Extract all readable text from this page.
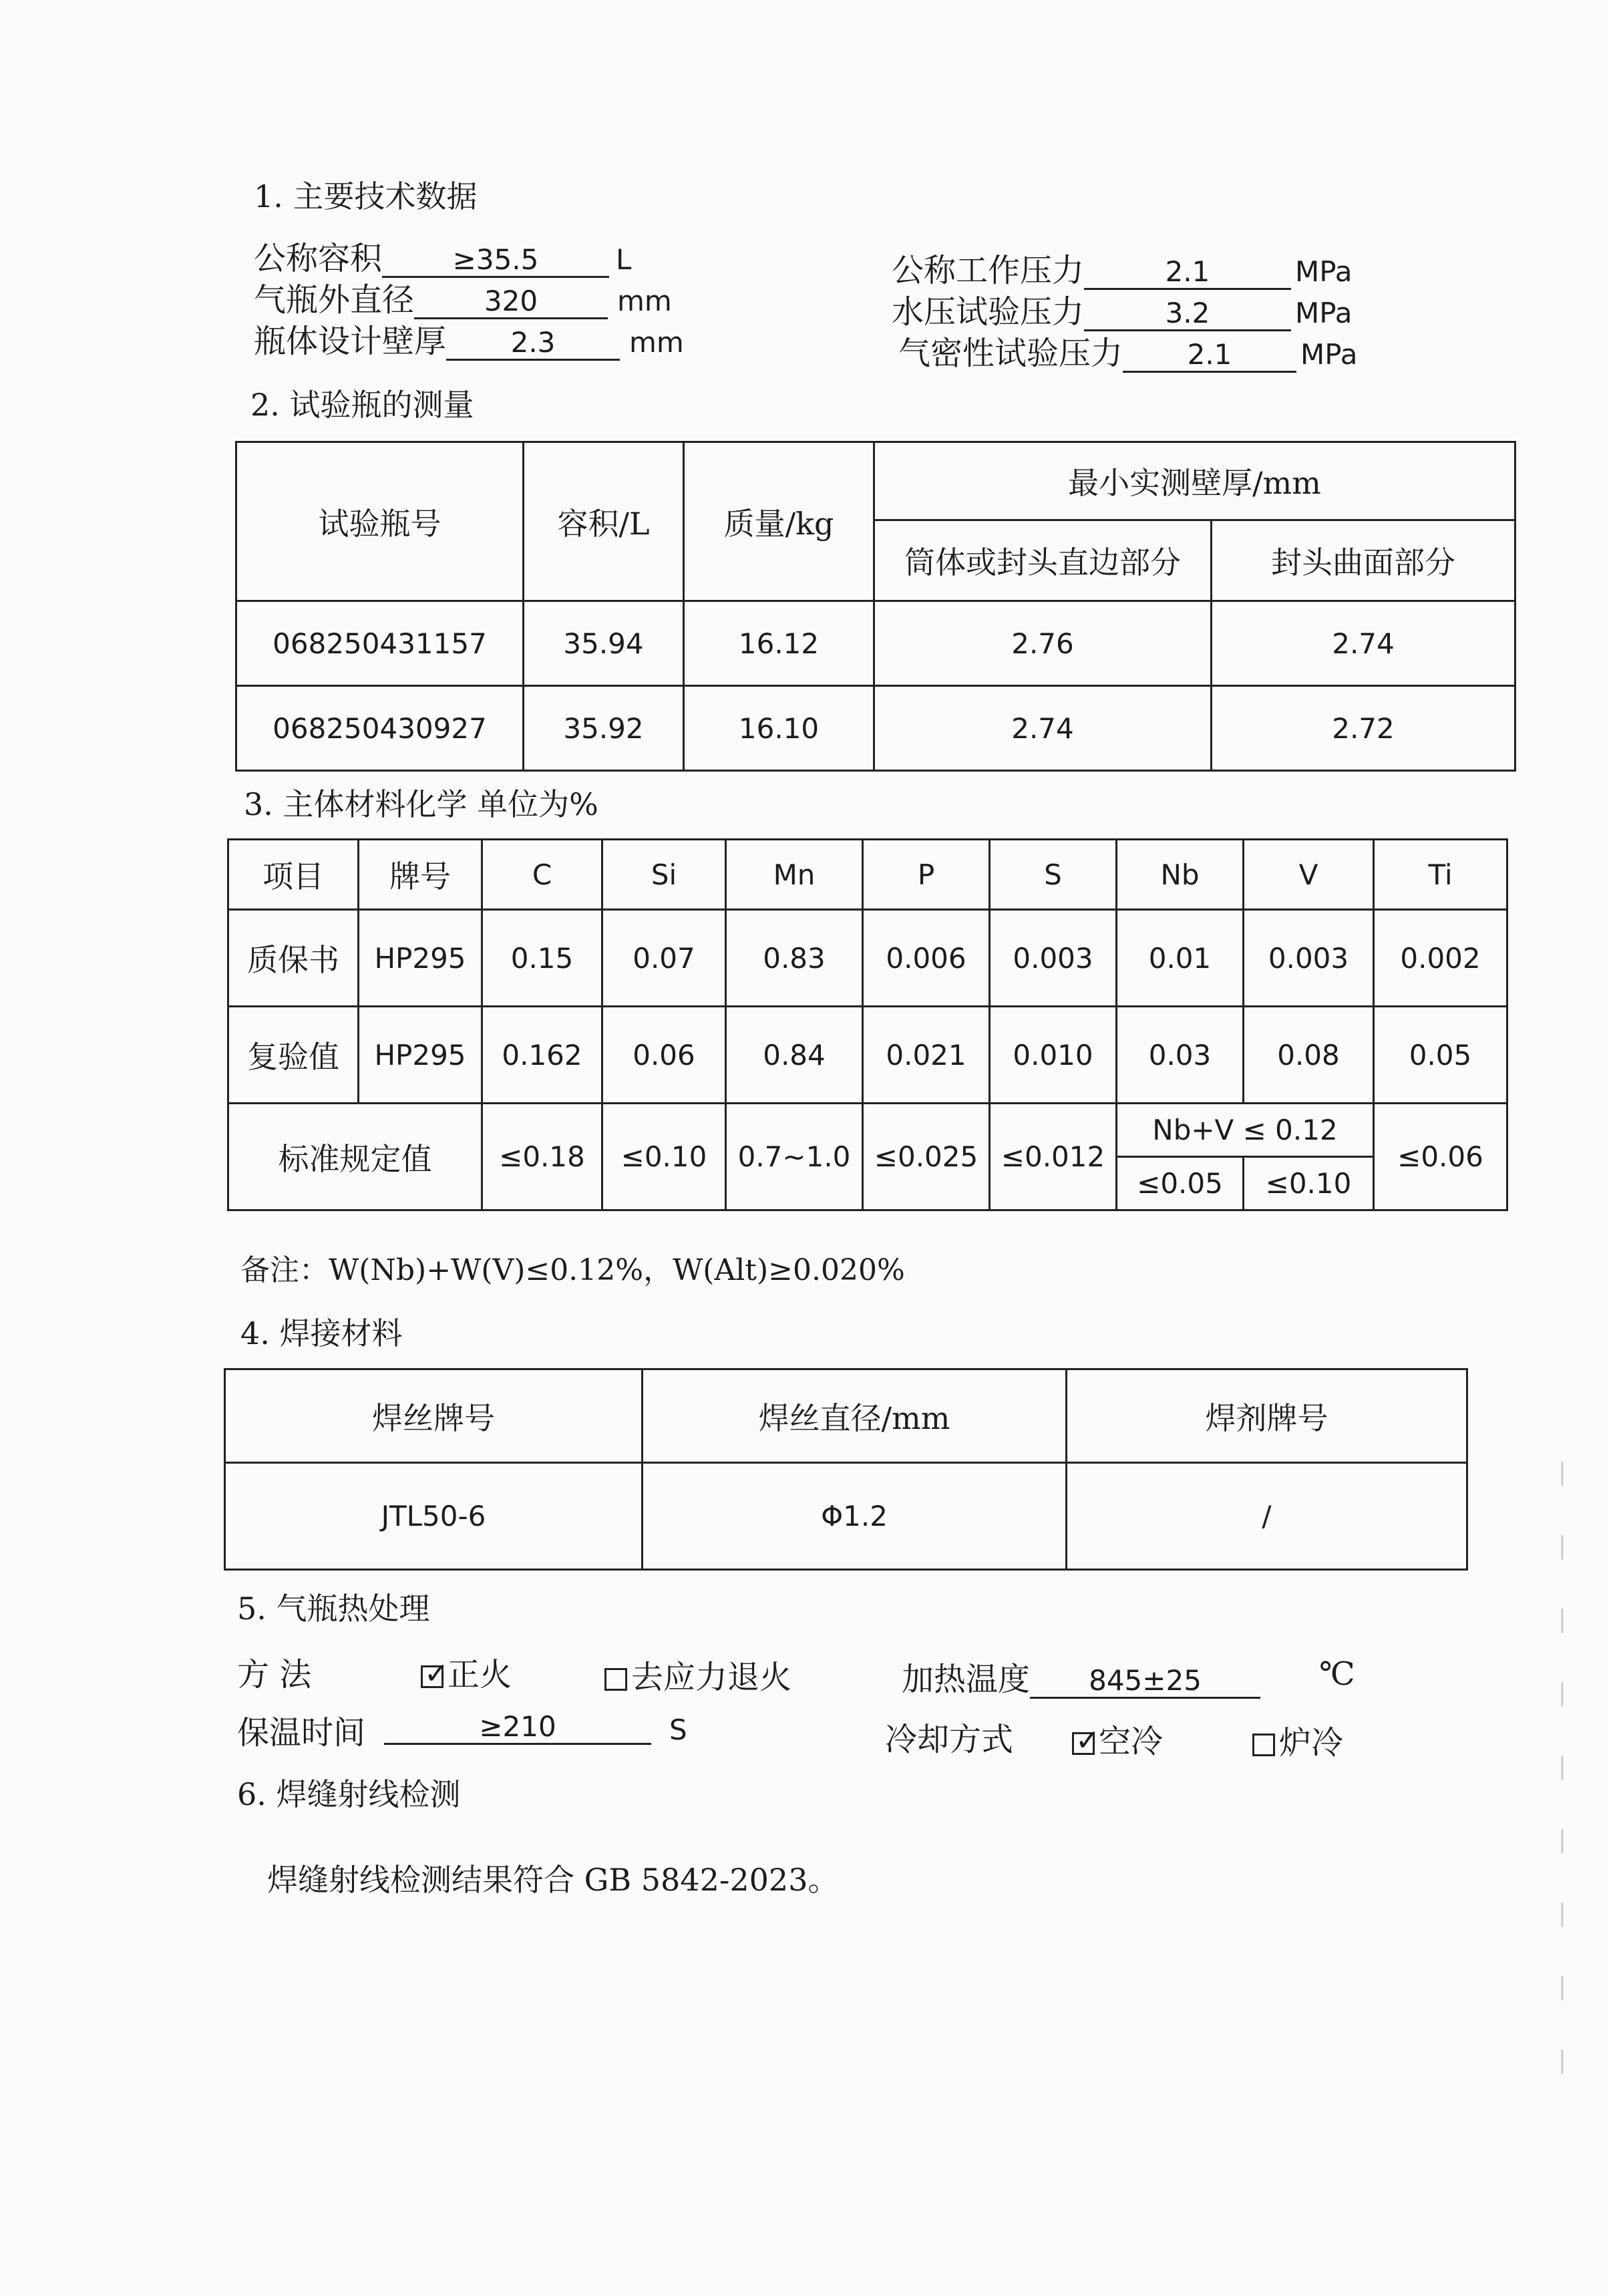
1. 主要技术数据
公称容积	≥35.5	L
气瓶外直径 320	mm
瓶体设计壁厚 2.3	mm
公称工作压力	2.1	MPa
水压试验压力	3.2	MPa
气密性试验压力 2.1 MPa
2. 试验瓶的测量
试验瓶号	容积/L	质量/kg	最小实测壁厚/mm	
			筒体或封头直边部分	封头曲面部分
068250431157	35.94	16.12	2.76	2.74
068250430927	35.92	16.10	2.74	2.72
3. 主体材料化学 单位为%
项目	牌号	C	Si	Mn	P	S	Nb	V	Ti
质保书	HP295	0.15	0.07	0.83	0.006	0.003	0.01	0.003	0.002
复验值	HP295	0.162	0.06	0.84	0.021	0.010	0.03	0.08	0.05
标准规定值		≤0.18	≤0.10	0.7~1.0	≤0.025	≤0.012	Nb+V ≤ 0.12		≤0.06
							≤0.05	≤0.10	
备注：W(Nb)+W(V)≤0.12%，W(Alt)≥0.020%
4. 焊接材料
焊丝牌号	焊丝直径/mm	焊剂牌号
JTL50-6	Φ1.2	/
5. 气瓶热处理
方 法 ✓	正火	去应力退火	加热温度 845±25	℃
保温时间	≥210	S	冷却方式 ✓	空冷	炉冷
6. 焊缝射线检测
焊缝射线检测结果符合 GB 5842-2023。
|
|
|
|
|
|
|
|
|
